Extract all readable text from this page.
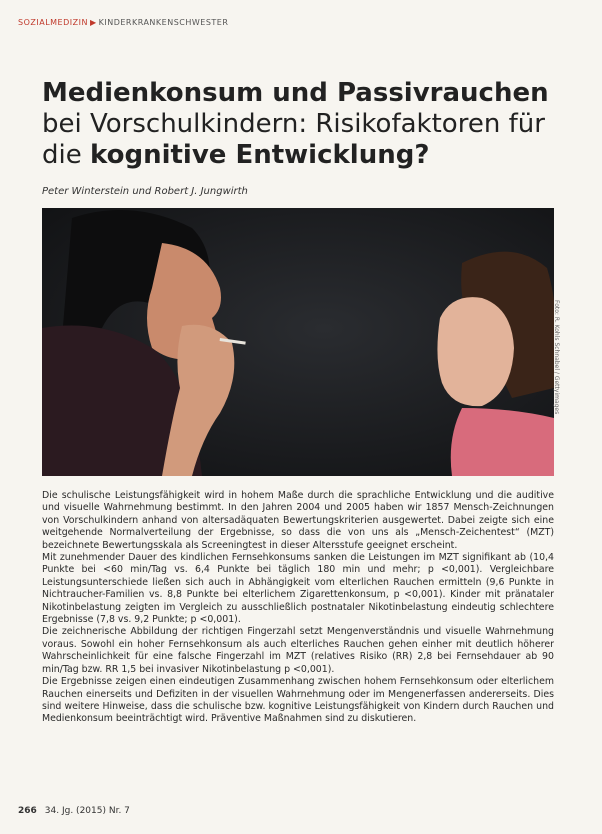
SOZIALMEDIZIN ▶ KINDERKRANKENSCHWESTER
Medienkonsum und Passivrauchen bei Vorschulkindern: Risikofaktoren für die kognitive Entwicklung?
Peter Winterstein und Robert J. Jungwirth
Foto: R. Kohls Schnabel / Gettyimages

Die schulische Leistungsfähigkeit wird in hohem Maße durch die sprachliche Entwicklung und die auditive und visuelle Wahrnehmung bestimmt. In den Jahren 2004 und 2005 haben wir 1857 Mensch-Zeichnungen von Vorschulkindern anhand von altersadäquaten Bewertungskriterien ausgewertet. Dabei zeigte sich eine weitgehende Normalverteilung der Ergebnisse, so dass die von uns als „Mensch-Zeichentest“ (MZT) bezeichnete Bewertungsskala als Screeningtest in dieser Altersstufe geeignet erscheint.

Mit zunehmender Dauer des kindlichen Fernsehkonsums sanken die Leistungen im MZT signifikant ab (10,4 Punkte bei <60 min/Tag vs. 6,4 Punkte bei täglich 180 min und mehr; p <0,001). Vergleichbare Leistungsunterschiede ließen sich auch in Abhängigkeit vom elterlichen Rauchen ermitteln (9,6 Punkte in Nichtraucher-Familien vs. 8,8 Punkte bei elterlichem Zigarettenkonsum, p <0,001). Kinder mit pränataler Nikotinbelastung zeigten im Vergleich zu ausschließlich postnataler Nikotinbelastung eindeutig schlechtere Ergebnisse (7,8 vs. 9,2 Punkte; p <0,001).

Die zeichnerische Abbildung der richtigen Fingerzahl setzt Mengenverständnis und visuelle Wahrnehmung voraus. Sowohl ein hoher Fernsehkonsum als auch elterliches Rauchen gehen einher mit deutlich höherer Wahrscheinlichkeit für eine falsche Fingerzahl im MZT (relatives Risiko (RR) 2,8 bei Fernsehdauer ab 90 min/Tag bzw. RR 1,5 bei invasiver Nikotinbelastung p <0,001).

Die Ergebnisse zeigen einen eindeutigen Zusammenhang zwischen hohem Fernsehkonsum oder elterlichem Rauchen einerseits und Defiziten in der visuellen Wahrnehmung oder im Mengenerfassen andererseits. Dies sind weitere Hinweise, dass die schulische bzw. kognitive Leistungsfähigkeit von Kindern durch Rauchen und Medienkonsum beeinträchtigt wird. Präventive Maßnahmen sind zu diskutieren.

266 34. Jg. (2015) Nr. 7
